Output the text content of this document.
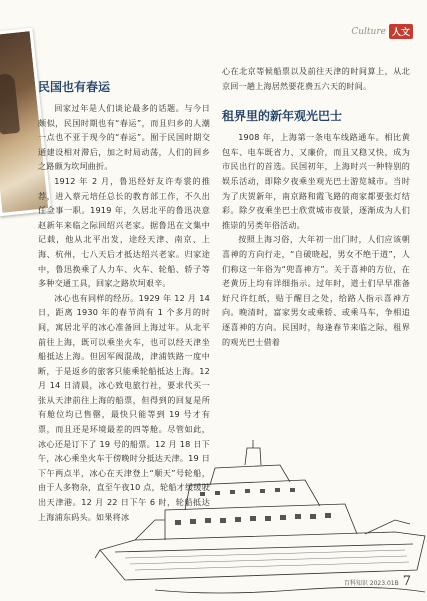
Culture 人文
民国也有春运

回家过年是人们谈论最多的话题。与今日颇似，民国时期也有“春运”，而且归乡的人潮一点也不亚于现今的“春运”。囿于民国时期交通建设相对滞后，加之时局动荡，人们的回乡之路颇为坎坷曲折。

1912 年 2 月，鲁迅经好友许寿裳的推荐，进入蔡元培任总长的教育部工作，不久出任佥事一职。1919 年，久居北平的鲁迅决意赵新年来临之际回绍兴老家。据鲁迅在文集中记载，他从北平出发，途经天津、南京、上海、杭州，七八天后才抵达绍兴老家。归家途中，鲁迅换乘了人力车、火车、轮船、轿子等多种交通工具，回家之路坎坷艰辛。

冰心也有同样的经历。1929 年 12 月 14 日，距离 1930 年的春节尚有 1 个多月的时间，寓居北平的冰心准备回上海过年。从北平前往上海，既可以乘坐火车，也可以经天津坐船抵达上海。但因军阀混战，津浦铁路一度中断，于是返乡的旅客只能乘轮船抵达上海。12 月 14 日清晨，冰心致电旅行社，要求代买一张从天津前往上海的船票，但得到的回复是所有舱位均已售罄，最快只能等到 19 号才有票，而且还是环境最差的四等舱。尽管如此，冰心还是订下了 19 号的船票。12 月 18 日下午，冰心乘坐火车于傍晚时分抵达天津。19 日下午两点半，冰心在天津登上“顺天”号轮船，由于人多物杂，直至午夜10 点，轮船才缓缓驶出天津港。12 月 22 日下午 6 时，轮船抵达上海浦东码头。如果将冰

心在北京等候船票以及前往天津的时间算上，从北京回一趟上海居然要花费五六天的时间。

租界里的新年观光巴士

1908 年，上海第一条电车线路通车。相比黄包车、电车既省力、又廉价，而且又稳又快，成为市民出行的首选。民国初年，上海时兴一种特别的娱乐活动，即除夕夜乘坐观光巴士游览城市。当时为了庆贺新年，南京路和霞飞路的商家都要张灯结彩。除夕夜乘坐巴士欣赏城市夜景，逐渐成为人们推崇的另类年俗活动。

按照上海习俗，大年初一出门时，人们应该朝喜神的方向行走，“自破晓起，男女不绝于道”，人们称这一年俗为“兜喜神方”。关于喜神的方位，在老黄历上均有详细指示。过年时，道士们早早准备好尺许红纸，贴于醒目之处，给路人指示喜神方向。晚清时，富家男女或乘轿、或乘马车，争相追逐喜神的方向。民国时，每逢春节来临之际，租界的观光巴士借着

百科知识 2023.01B 7
